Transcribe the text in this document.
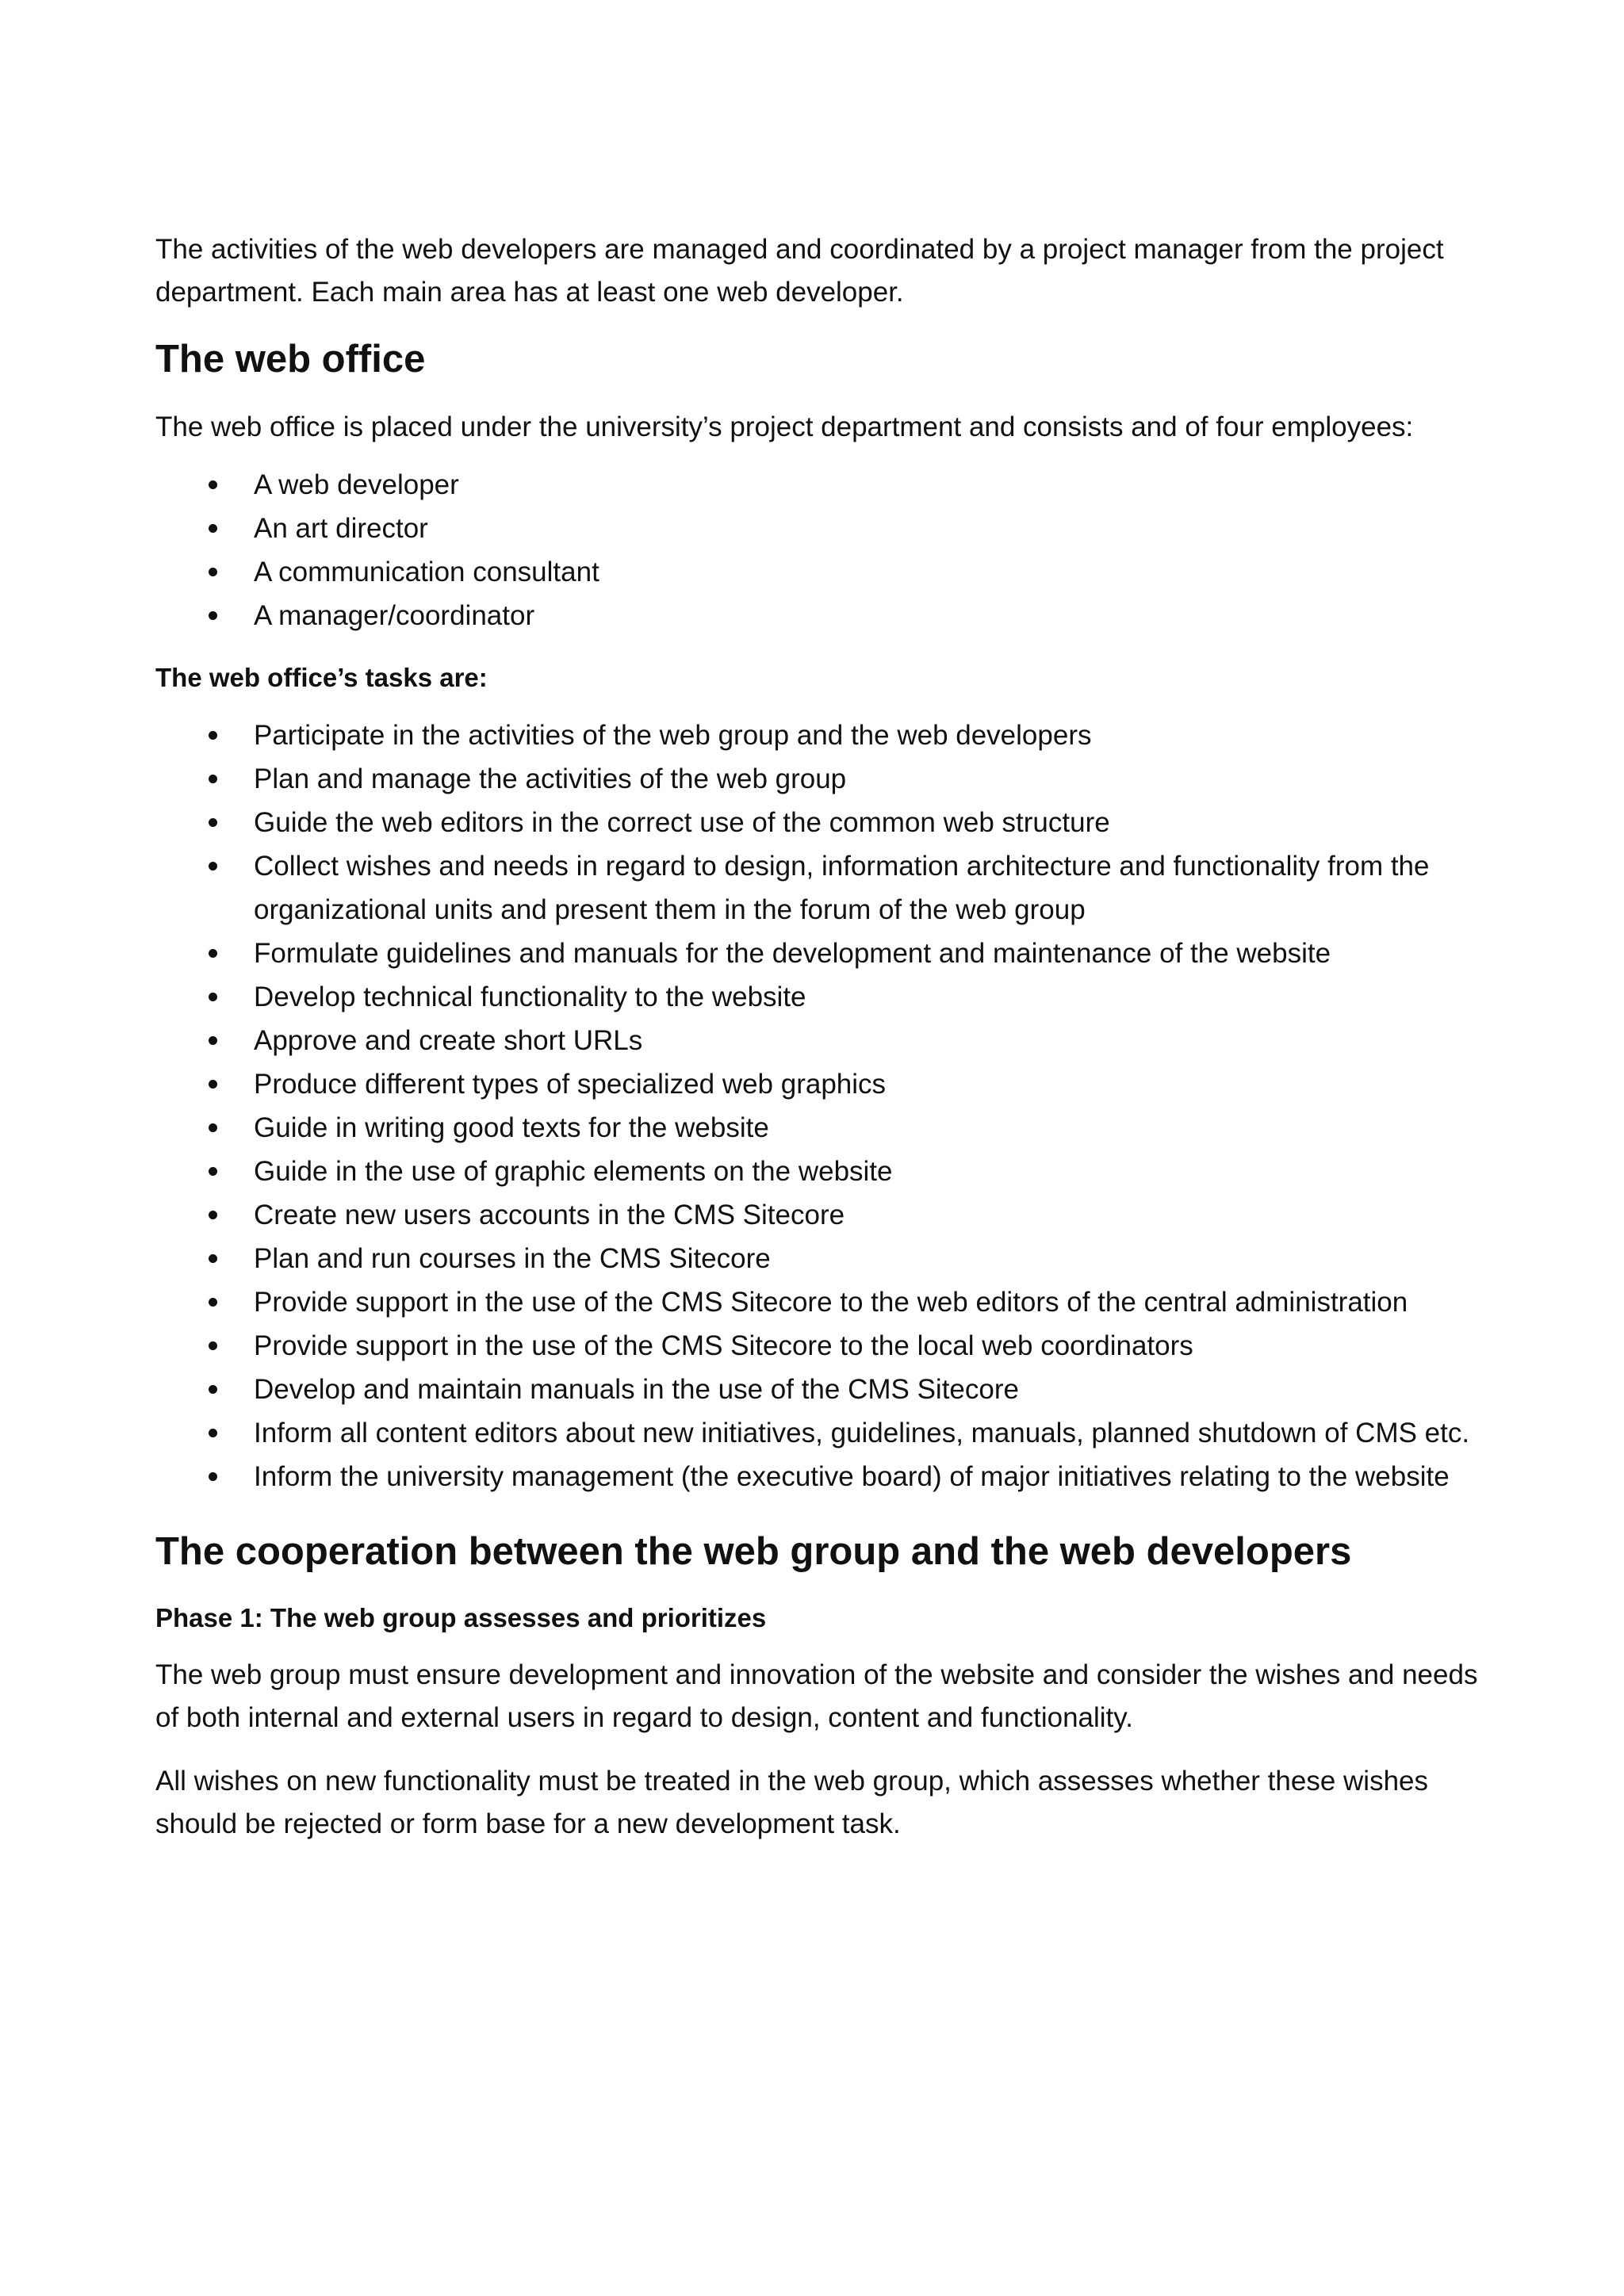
The activities of the web developers are managed and coordinated by a project manager from the project department. Each main area has at least one web developer.

The web office

The web office is placed under the university’s project department and consists and of four employees:

A web developer
An art director
A communication consultant
A manager/coordinator
The web office’s tasks are:
Participate in the activities of the web group and the web developers
Plan and manage the activities of the web group
Guide the web editors in the correct use of the common web structure
Collect wishes and needs in regard to design, information architecture and functionality from the organizational units and present them in the forum of the web group
Formulate guidelines and manuals for the development and maintenance of the website
Develop technical functionality to the website
Approve and create short URLs
Produce different types of specialized web graphics
Guide in writing good texts for the website
Guide in the use of graphic elements on the website
Create new users accounts in the CMS Sitecore
Plan and run courses in the CMS Sitecore
Provide support in the use of the CMS Sitecore to the web editors of the central administration
Provide support in the use of the CMS Sitecore to the local web coordinators
Develop and maintain manuals in the use of the CMS Sitecore
Inform all content editors about new initiatives, guidelines, manuals, planned shutdown of CMS etc.
Inform the university management (the executive board) of major initiatives relating to the website
The cooperation between the web group and the web developers
Phase 1: The web group assesses and prioritizes

The web group must ensure development and innovation of the website and consider the wishes and needs of both internal and external users in regard to design, content and functionality.

All wishes on new functionality must be treated in the web group, which assesses whether these wishes should be rejected or form base for a new development task.
